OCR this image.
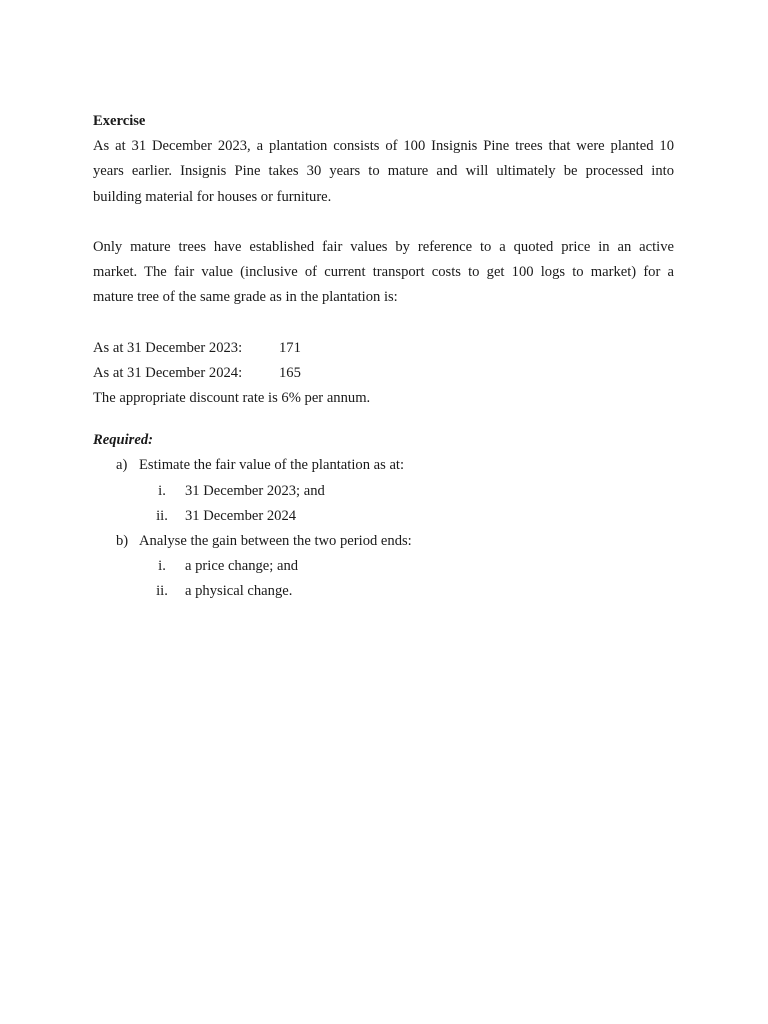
Exercise
As at 31 December 2023, a plantation consists of 100 Insignis Pine trees that were planted 10
years earlier. Insignis Pine takes 30 years to mature and will ultimately be processed into
building material for houses or furniture.
Only mature trees have established fair values by reference to a quoted price in an active
market. The fair value (inclusive of current transport costs to get 100 logs to market) for a
mature tree of the same grade as in the plantation is:
As at 31 December 2023:	171
As at 31 December 2024:	165
The appropriate discount rate is 6% per annum.
Required:
a) Estimate the fair value of the plantation as at:
i.	31 December 2023; and
ii.	31 December 2024
b) Analyse the gain between the two period ends:
i.	a price change; and
ii.	a physical change.
